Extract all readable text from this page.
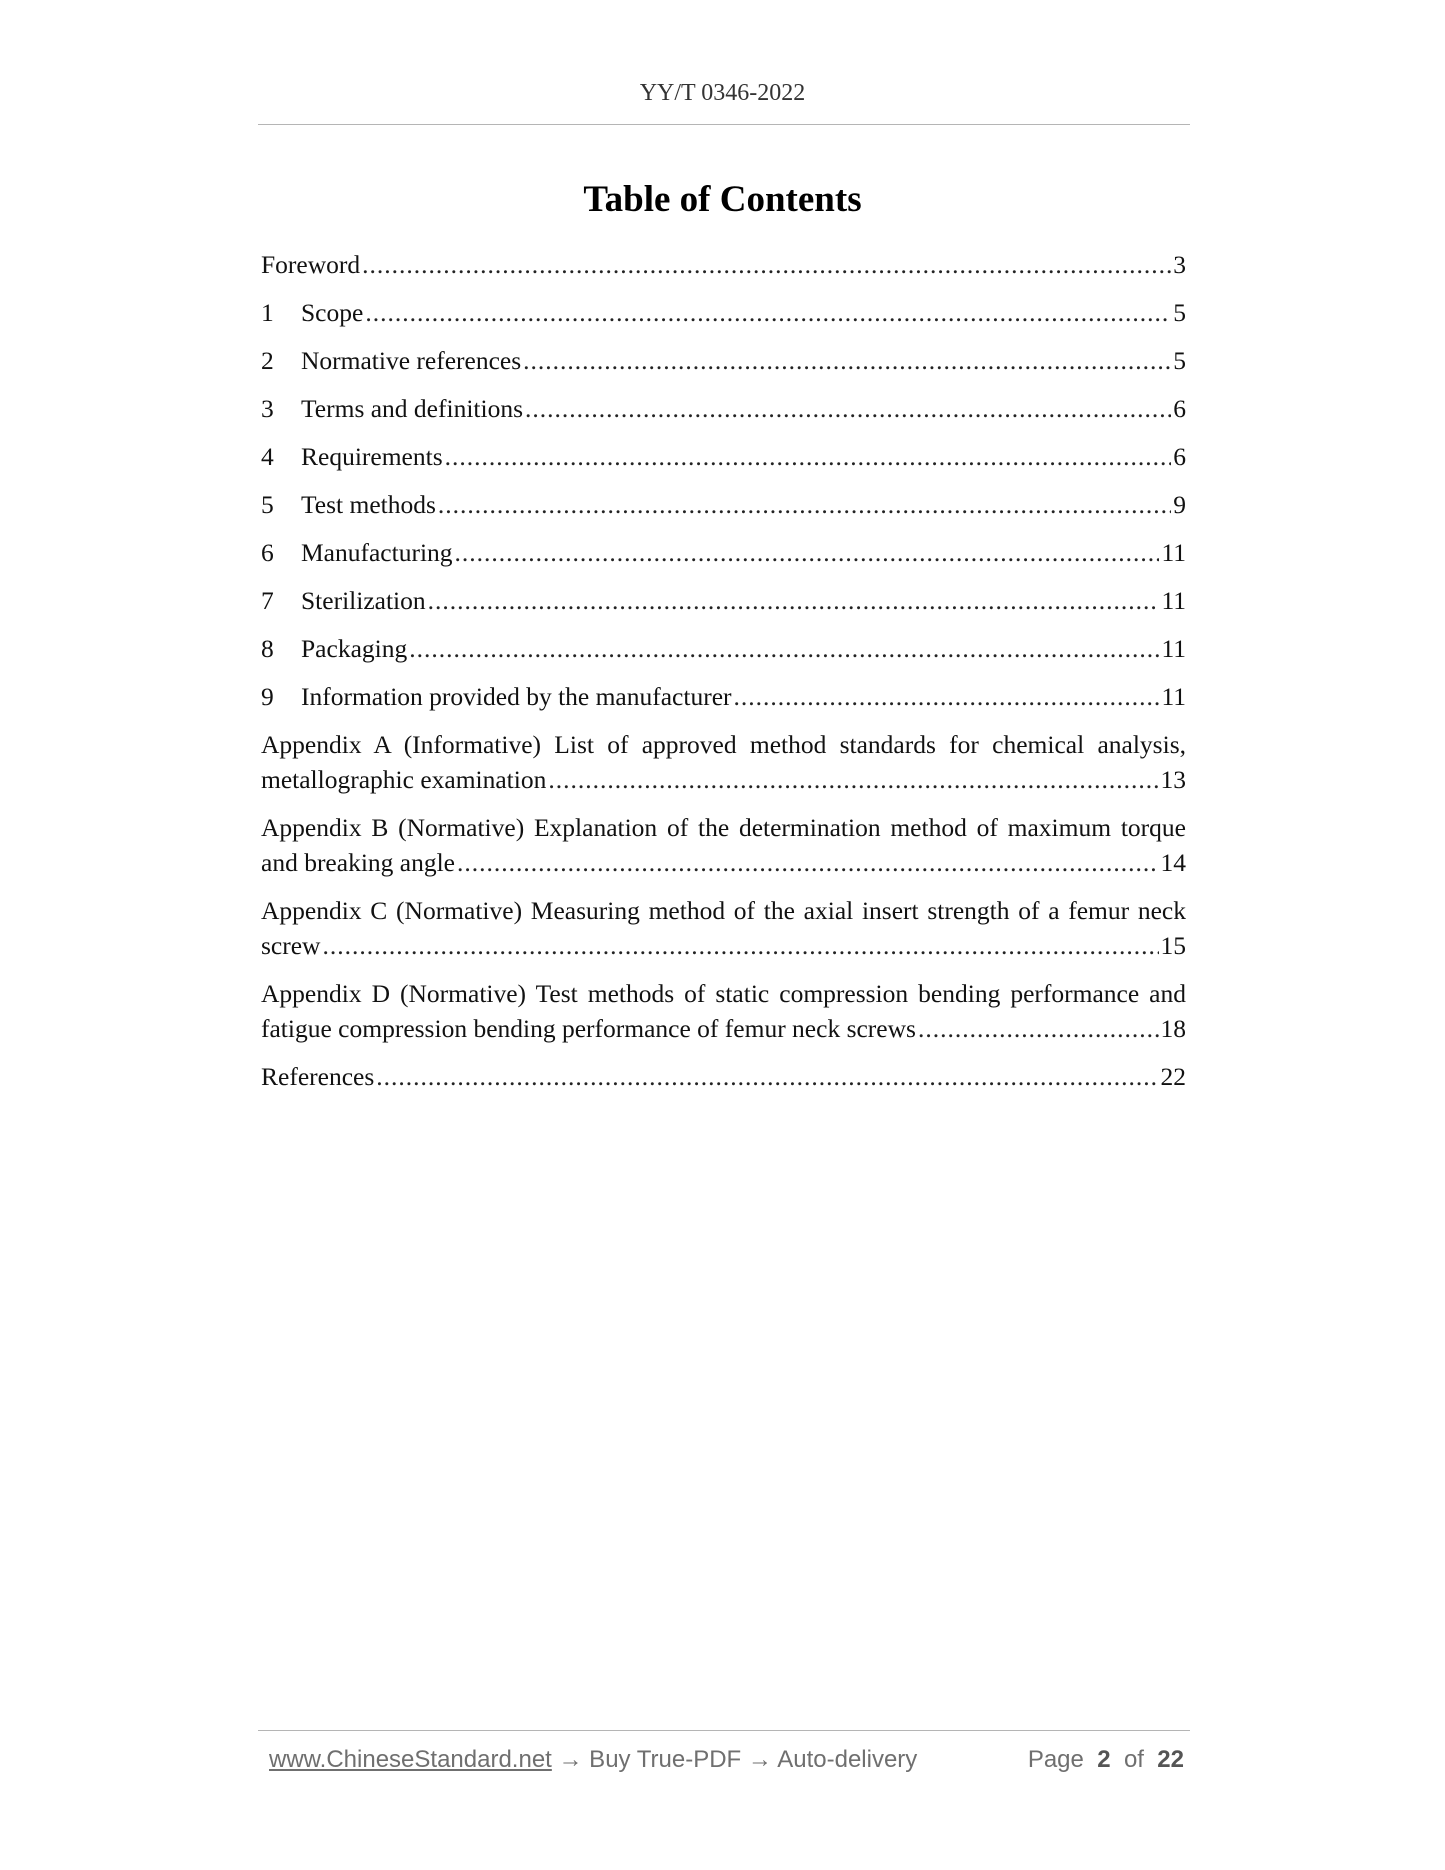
YY/T 0346-2022
Table of Contents
Foreword .....	3
1	Scope .....	5
2	Normative references .....	5
3	Terms and definitions .....	6
4	Requirements .....	6
5	Test methods .....	9
6	Manufacturing .....	11
7	Sterilization .....	11
8	Packaging .....	11
9	Information provided by the manufacturer .....	11
Appendix A (Informative) List of approved method standards for chemical analysis,
metallographic examination .....	13
Appendix B (Normative) Explanation of the determination method of maximum torque
and breaking angle .....	14
Appendix C (Normative) Measuring method of the axial insert strength of a femur neck
screw .....	15
Appendix D (Normative) Test methods of static compression bending performance and
fatigue compression bending performance of femur neck screws .....	18
References .....	22
www.ChineseStandard.net → Buy True-PDF → Auto-delivery	Page 2 of 22
